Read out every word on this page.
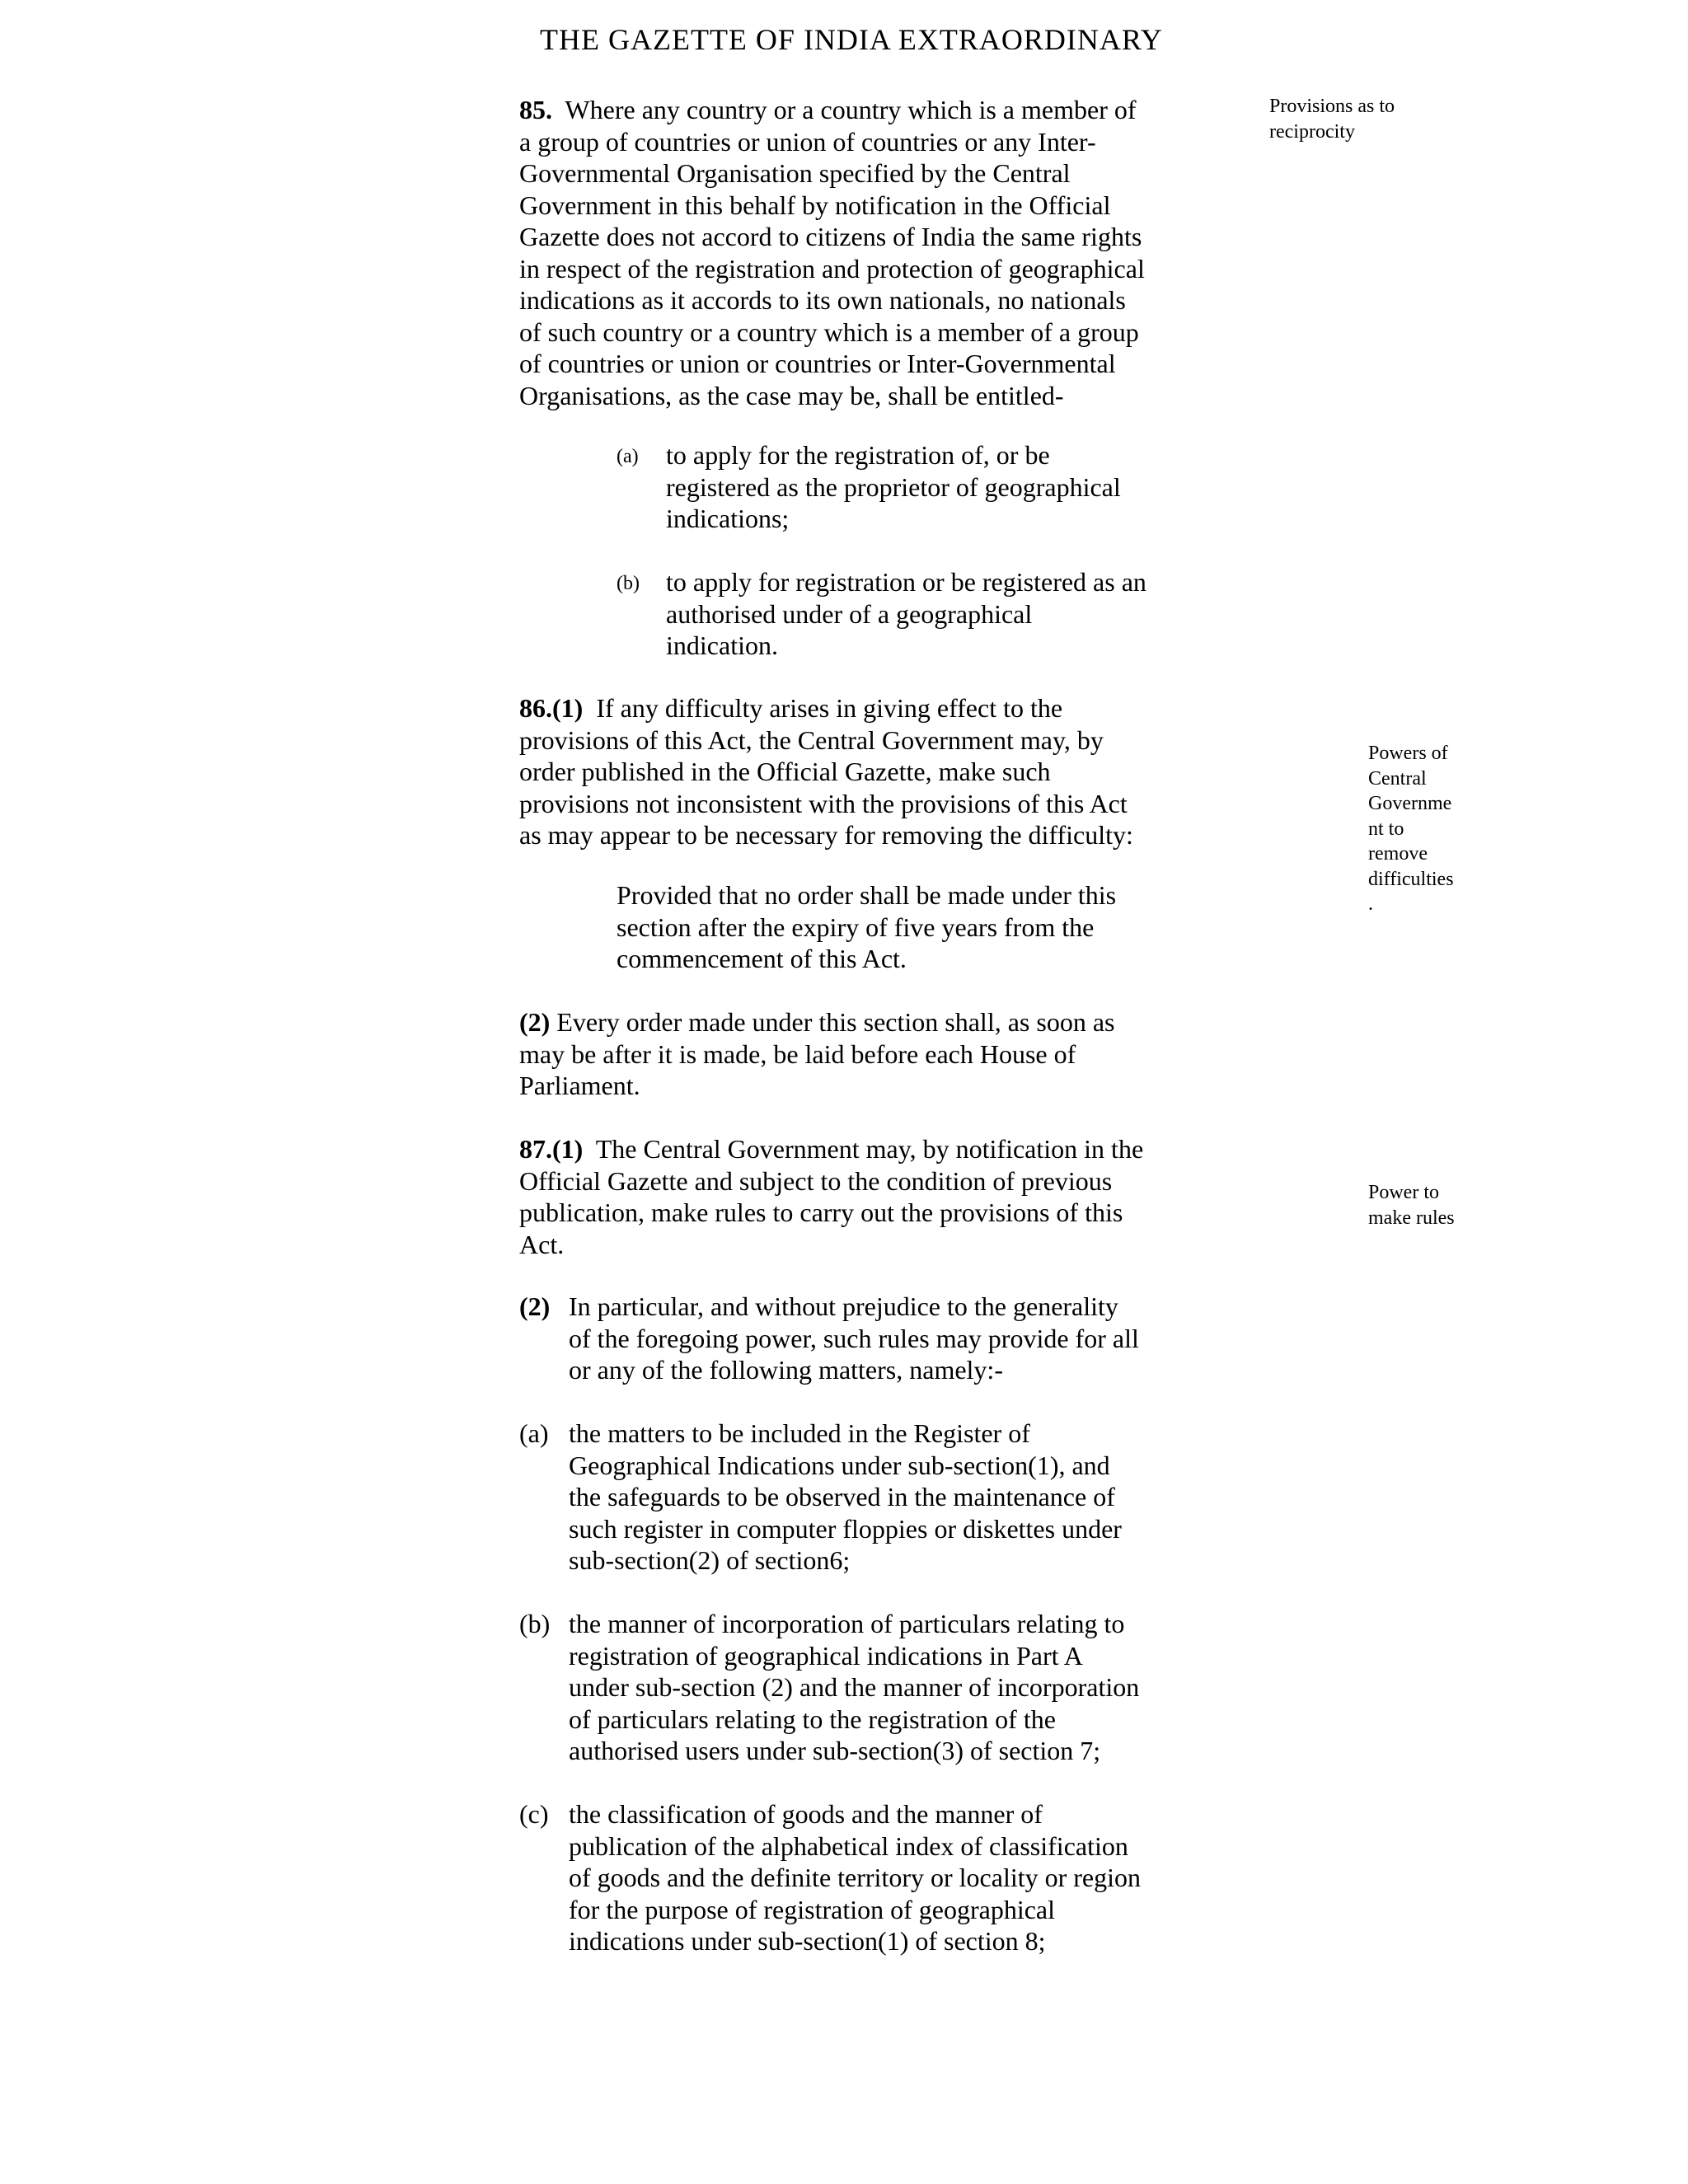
THE GAZETTE OF INDIA EXTRAORDINARY
85. Where any country or a country which is a member of
a group of countries or union of countries or any Inter-
Governmental Organisation specified by the Central
Government in this behalf by notification in the Official
Gazette does not accord to citizens of India the same rights
in respect of the registration and protection of geographical
indications as it accords to its own nationals, no nationals
of such country or a country which is a member of a group
of countries or union or countries or Inter-Governmental
Organisations, as the case may be, shall be entitled-
(a) to apply for the registration of, or be
registered as the proprietor of geographical
indications;
(b) to apply for registration or be registered as an
authorised under of a geographical
indication.
Provisions as to
reciprocity
86.(1) If any difficulty arises in giving effect to the
provisions of this Act, the Central Government may, by
order published in the Official Gazette, make such
provisions not inconsistent with the provisions of this Act
as may appear to be necessary for removing the difficulty:
Provided that no order shall be made under this
section after the expiry of five years from the
commencement of this Act.
(2) Every order made under this section shall, as soon as
may be after it is made, be laid before each House of
Parliament.
Powers of
Central
Governme
nt to
remove
difficulties
.
87.(1) The Central Government may, by notification in the
Official Gazette and subject to the condition of previous
publication, make rules to carry out the provisions of this
Act.
(2) In particular, and without prejudice to the generality
of the foregoing power, such rules may provide for all
or any of the following matters, namely:-
(a) the matters to be included in the Register of
Geographical Indications under sub-section(1), and
the safeguards to be observed in the maintenance of
such register in computer floppies or diskettes under
sub-section(2) of section6;
(b) the manner of incorporation of particulars relating to
registration of geographical indications in Part A
under sub-section (2) and the manner of incorporation
of particulars relating to the registration of the
authorised users under sub-section(3) of section 7;
(c) the classification of goods and the manner of
publication of the alphabetical index of classification
of goods and the definite territory or locality or region
for the purpose of registration of geographical
indications under sub-section(1) of section 8;
Power to
make rules
